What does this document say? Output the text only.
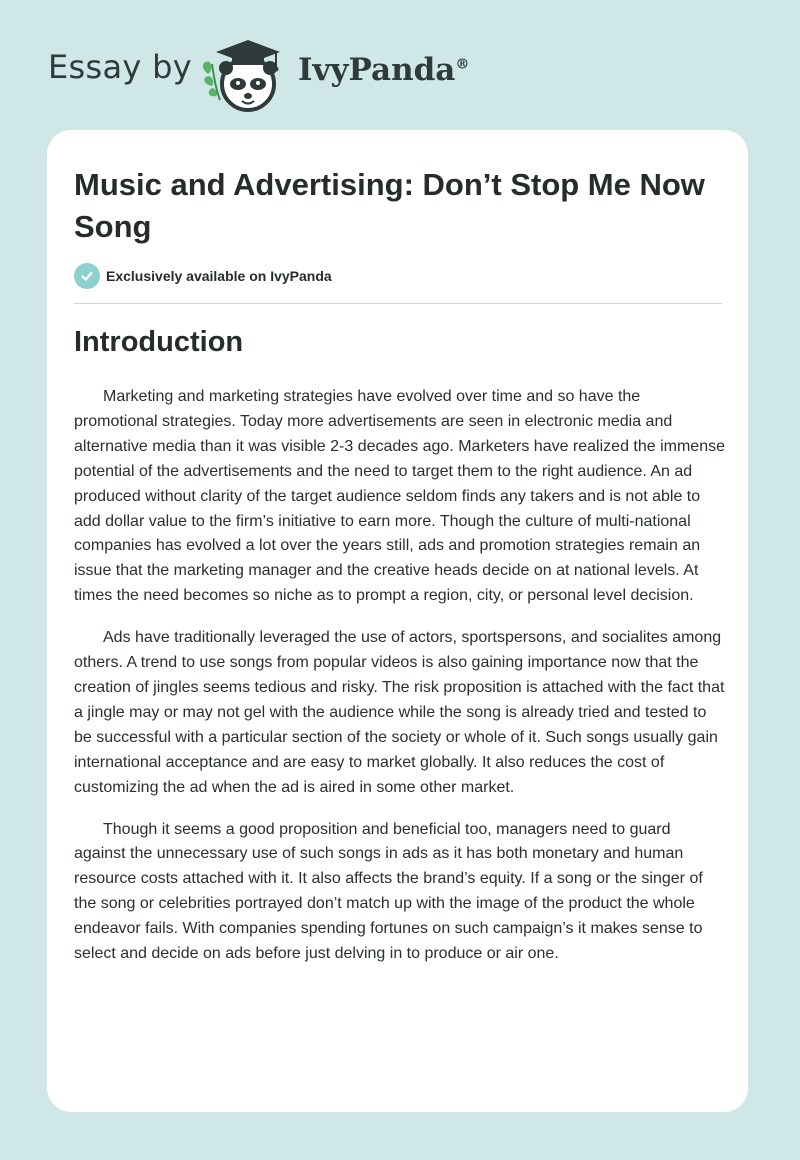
Essay by	IvyPanda®
Music and Advertising: Don’t Stop Me Now Song
Exclusively available on IvyPanda
Introduction

Marketing and marketing strategies have evolved over time and so have the promotional strategies. Today more advertisements are seen in electronic media and alternative media than it was visible 2-3 decades ago. Marketers have realized the immense potential of the advertisements and the need to target them to the right audience. An ad produced without clarity of the target audience seldom finds any takers and is not able to add dollar value to the firm’s initiative to earn more. Though the culture of multi-national companies has evolved a lot over the years still, ads and promotion strategies remain an issue that the marketing manager and the creative heads decide on at national levels. At times the need becomes so niche as to prompt a region, city, or personal level decision.

Ads have traditionally leveraged the use of actors, sportspersons, and socialites among others. A trend to use songs from popular videos is also gaining importance now that the creation of jingles seems tedious and risky. The risk proposition is attached with the fact that a jingle may or may not gel with the audience while the song is already tried and tested to be successful with a particular section of the society or whole of it. Such songs usually gain international acceptance and are easy to market globally. It also reduces the cost of customizing the ad when the ad is aired in some other market.

Though it seems a good proposition and beneficial too, managers need to guard against the unnecessary use of such songs in ads as it has both monetary and human resource costs attached with it. It also affects the brand’s equity. If a song or the singer of the song or celebrities portrayed don’t match up with the image of the product the whole endeavor fails. With companies spending fortunes on such campaign’s it makes sense to select and decide on ads before just delving in to produce or air one.
